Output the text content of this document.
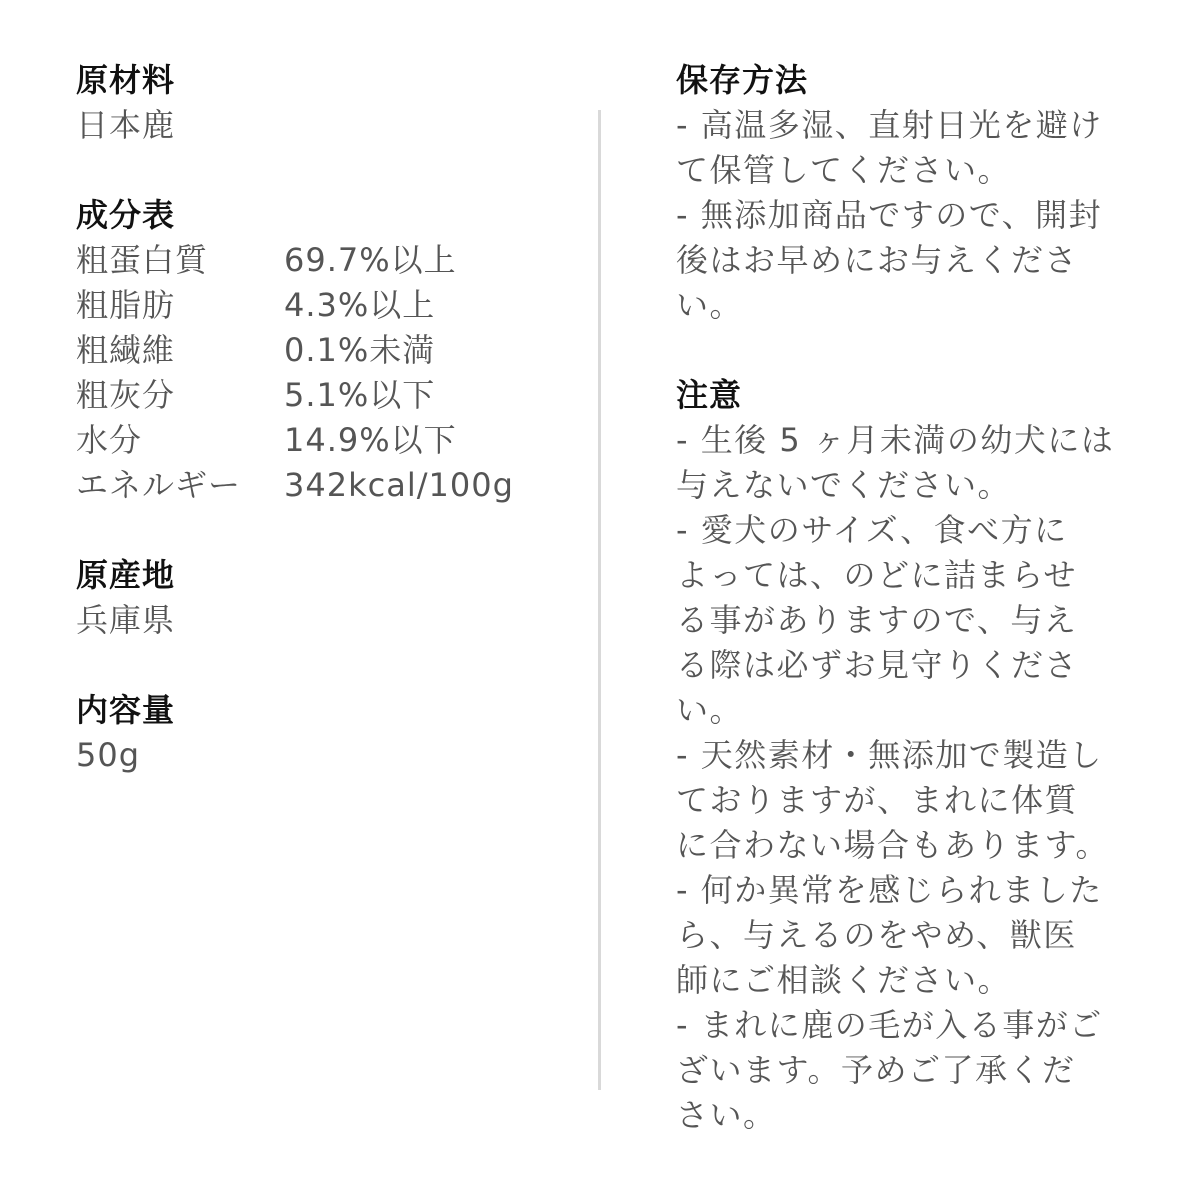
原材料

日本鹿

成分表

粗蛋白質	69.7%以上
粗脂肪	4.3%以上
粗繊維	0.1%未満
粗灰分	5.1%以下
水分	14.9%以下
エネルギー	342kcal/100g

原産地

兵庫県

内容量

50g

保存方法

- 高温多湿、直射日光を避け

て保管してください。

- 無添加商品ですので、開封

後はお早めにお与えくださ

い。

注意

- 生後 5 ヶ月未満の幼犬には

与えないでください。

- 愛犬のサイズ、食べ方に

よっては、のどに詰まらせ

る事がありますので、与え

る際は必ずお見守りくださ

い。

- 天然素材・無添加で製造し

ておりますが、まれに体質

に合わない場合もあります。

- 何か異常を感じられました

ら、与えるのをやめ、獣医

師にご相談ください。

- まれに鹿の毛が入る事がご

ざいます。予めご了承くだ

さい。
